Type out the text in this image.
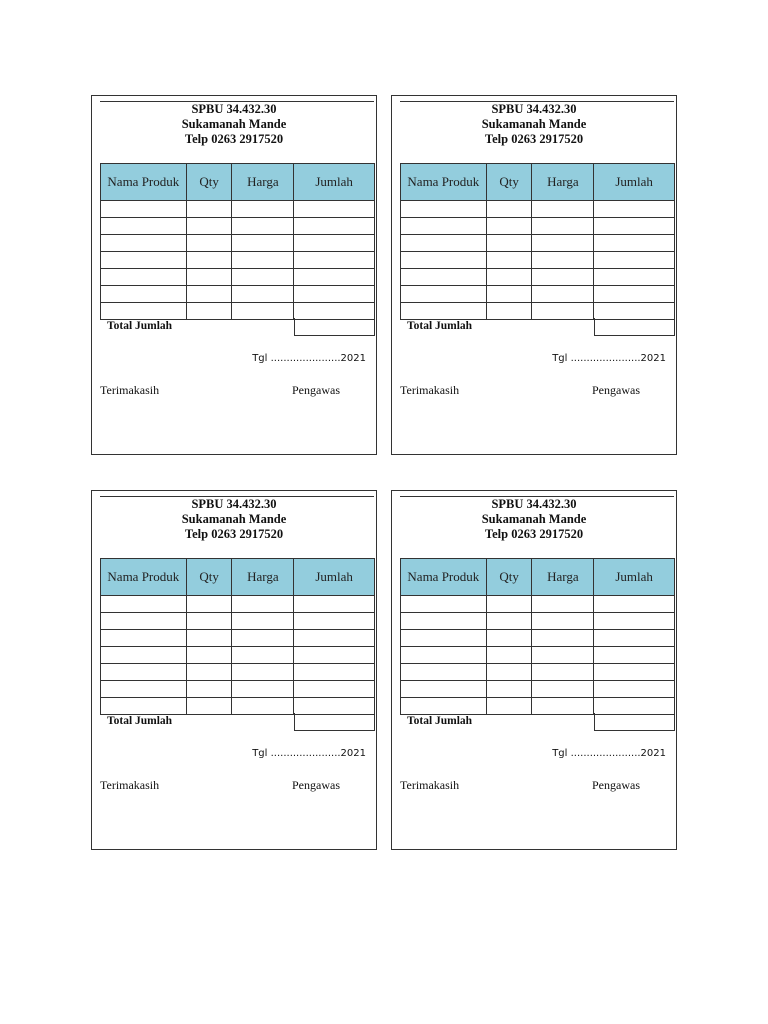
SPBU 34.432.30
Sukamanah Mande
Telp 0263 2917520
Nama Produk	Qty	Harga	Jumlah

Total Jumlah
Tgl ......................2021
Terimakasih	Pengawas
SPBU 34.432.30
Sukamanah Mande
Telp 0263 2917520
Nama Produk	Qty	Harga	Jumlah

Total Jumlah
Tgl ......................2021
Terimakasih	Pengawas
SPBU 34.432.30
Sukamanah Mande
Telp 0263 2917520
Nama Produk	Qty	Harga	Jumlah

Total Jumlah
Tgl ......................2021
Terimakasih	Pengawas
SPBU 34.432.30
Sukamanah Mande
Telp 0263 2917520
Nama Produk	Qty	Harga	Jumlah

Total Jumlah
Tgl ......................2021
Terimakasih	Pengawas
